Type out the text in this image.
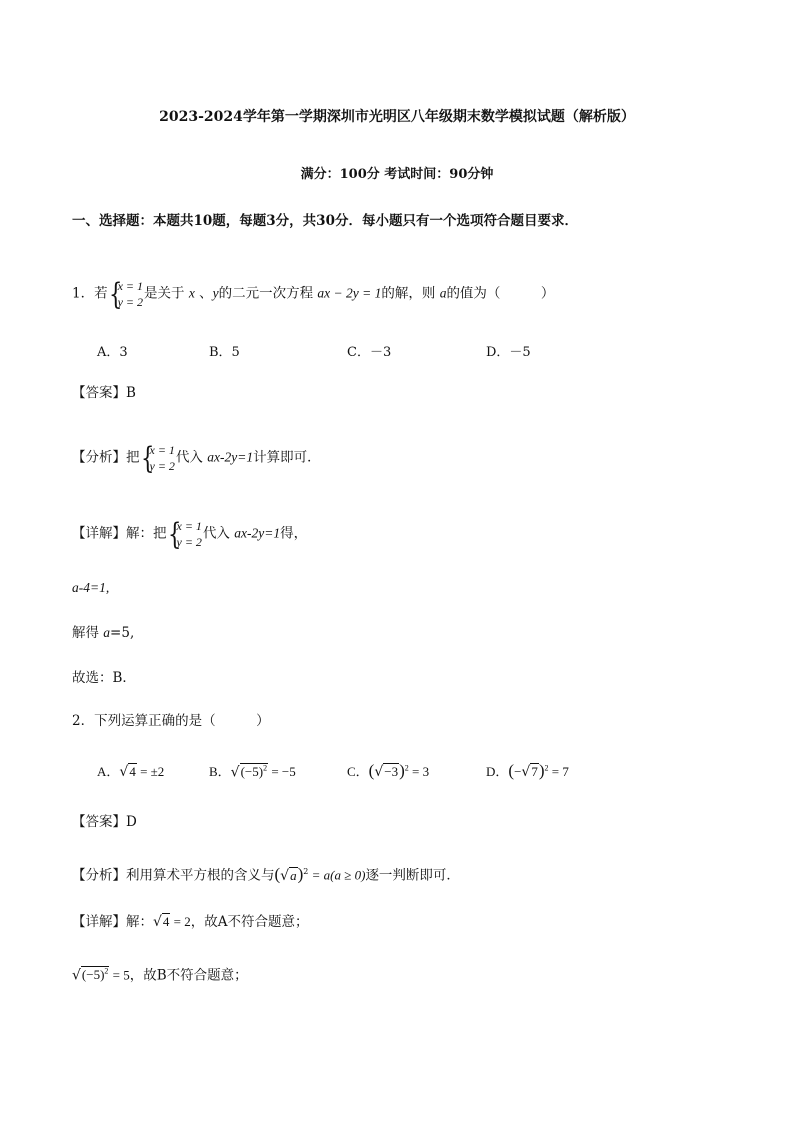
2023-2024学年第一学期深圳市光明区八年级期末数学模拟试题（解析版）
满分：100分 考试时间：90分钟
一、选择题：本题共10题，每题3分，共30分．每小题只有一个选项符合题目要求．
1．若 {
x = 1
y = 2
是关于 x 、y的二元一次方程 ax − 2y = 1的解，则 a的值为（　　　）
A．3	B．5	C．－3	D．－5
【答案】B
【分析】把 {
x = 1
y = 2
代入 ax-2y=1计算即可．
【详解】解：把 {
x = 1
y = 2
代入 ax-2y=1得，
a-4=1,
解得 a=5,
故选：B．
2．下列运算正确的是（　　　）
A．√4 = ±2	B．$√(-5)^2 = -5$	C．$(√-3)^2 = 3$	D．$(-√7)^2 = 7$
【答案】D
【分析】利用算术平方根的含义与$(√a)^2 = a(a \ge 0)$逐一判断即可．
【详解】解：√4 = 2，故A不符合题意；
$√(-5)^2 = 5$，故B不符合题意；
